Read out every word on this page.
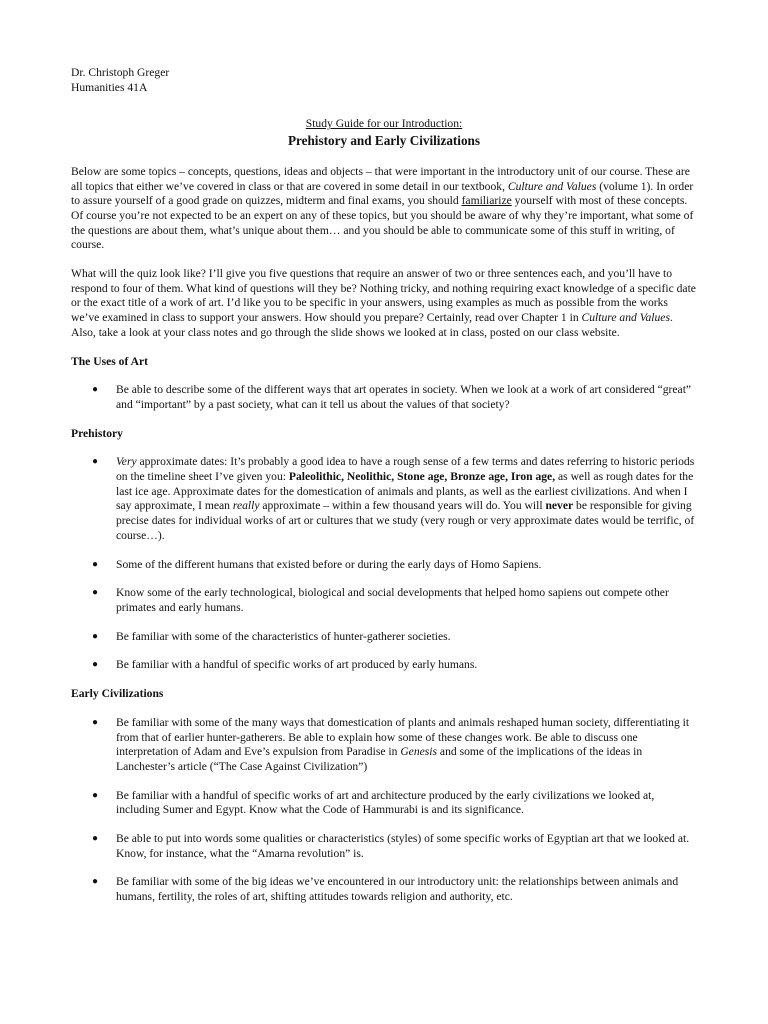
Dr. Christoph Greger

Humanities 41A

Study Guide for our Introduction:
Prehistory and Early Civilizations

Below are some topics – concepts, questions, ideas and objects – that were important in the introductory unit of our course. These are all topics that either we’ve covered in class or that are covered in some detail in our textbook, Culture and Values (volume 1). In order to assure yourself of a good grade on quizzes, midterm and final exams, you should familiarize yourself with most of these concepts. Of course you’re not expected to be an expert on any of these topics, but you should be aware of why they’re important, what some of the questions are about them, what’s unique about them… and you should be able to communicate some of this stuff in writing, of course.

What will the quiz look like? I’ll give you five questions that require an answer of two or three sentences each, and you’ll have to respond to four of them. What kind of questions will they be? Nothing tricky, and nothing requiring exact knowledge of a specific date or the exact title of a work of art. I’d like you to be specific in your answers, using examples as much as possible from the works we’ve examined in class to support your answers. How should you prepare? Certainly, read over Chapter 1 in Culture and Values. Also, take a look at your class notes and go through the slide shows we looked at in class, posted on our class website.

The Uses of Art
● Be able to describe some of the different ways that art operates in society. When we look at a work of art considered “great” and “important” by a past society, what can it tell us about the values of that society?
Prehistory
● Very approximate dates: It’s probably a good idea to have a rough sense of a few terms and dates referring to historic periods on the timeline sheet I’ve given you: Paleolithic, Neolithic, Stone age, Bronze age, Iron age, as well as rough dates for the last ice age. Approximate dates for the domestication of animals and plants, as well as the earliest civilizations. And when I say approximate, I mean really approximate – within a few thousand years will do. You will never be responsible for giving precise dates for individual works of art or cultures that we study (very rough or very approximate dates would be terrific, of course…).
● Some of the different humans that existed before or during the early days of Homo Sapiens.
● Know some of the early technological, biological and social developments that helped homo sapiens out compete other primates and early humans.
● Be familiar with some of the characteristics of hunter-gatherer societies.
● Be familiar with a handful of specific works of art produced by early humans.
Early Civilizations
● Be familiar with some of the many ways that domestication of plants and animals reshaped human society, differentiating it from that of earlier hunter-gatherers. Be able to explain how some of these changes work. Be able to discuss one interpretation of Adam and Eve’s expulsion from Paradise in Genesis and some of the implications of the ideas in Lanchester’s article (“The Case Against Civilization”)
● Be familiar with a handful of specific works of art and architecture produced by the early civilizations we looked at, including Sumer and Egypt. Know what the Code of Hammurabi is and its significance.
● Be able to put into words some qualities or characteristics (styles) of some specific works of Egyptian art that we looked at. Know, for instance, what the “Amarna revolution” is.
● Be familiar with some of the big ideas we’ve encountered in our introductory unit: the relationships between animals and humans, fertility, the roles of art, shifting attitudes towards religion and authority, etc.
